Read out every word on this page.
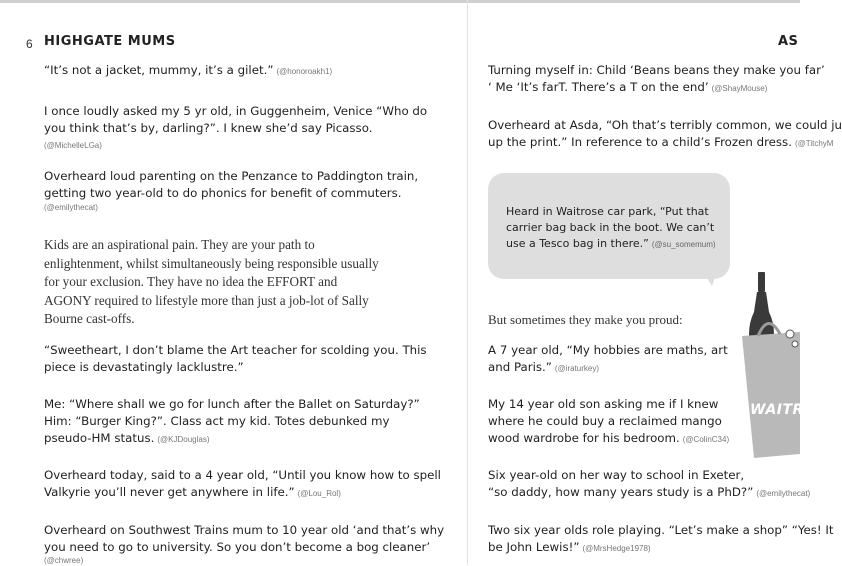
6 HIGHGATE MUMS
“It’s not a jacket, mummy, it’s a gilet.” (@honoroakh1)
I once loudly asked my 5 yr old, in Guggenheim, Venice “Who do
you think that’s by, darling?”. I knew she’d say Picasso.
(@MichelleLGa)
Overheard loud parenting on the Penzance to Paddington train,
getting two year-old to do phonics for benefit of commuters.
(@emilythecat)
Kids are an aspirational pain. They are your path to
enlightenment, whilst simultaneously being responsible usually
for your exclusion. They have no idea the EFFORT and
AGONY required to lifestyle more than just a job-lot of Sally
Bourne cast-offs.
“Sweetheart, I don’t blame the Art teacher for scolding you. This
piece is devastatingly lacklustre.”
Me: “Where shall we go for lunch after the Ballet on Saturday?”
Him: “Burger King?”. Class act my kid. Totes debunked my
pseudo-HM status. (@KJDouglas)
Overheard today, said to a 4 year old, “Until you know how to spell
Valkyrie you’ll never get anywhere in life.” (@Lou_Rol)
Overheard on Southwest Trains mum to 10 year old ‘and that’s why
you need to go to university. So you don’t become a bog cleaner’
(@chwree)
AS
Turning myself in: Child ‘Beans beans they make you far’
‘ Me ‘It’s farT. There’s a T on the end’ (@ShayMouse)
Overheard at Asda, “Oh that’s terribly common, we could ju
up the print.” In reference to a child’s Frozen dress. (@TitchyM
Heard in Waitrose car park, “Put that
carrier bag back in the boot. We can’t
use a Tesco bag in there.” (@su_somemum)
But sometimes they make you proud:
A 7 year old, “My hobbies are maths, art
and Paris.” (@iraturkey)
My 14 year old son asking me if I knew
where he could buy a reclaimed mango
wood wardrobe for his bedroom. (@ColinC34)
Six year-old on her way to school in Exeter,
“so daddy, how many years study is a PhD?” (@emilythecat)
Two six year olds role playing. “Let’s make a shop” “Yes! It
be John Lewis!” (@MrsHedge1978)
WAITR
